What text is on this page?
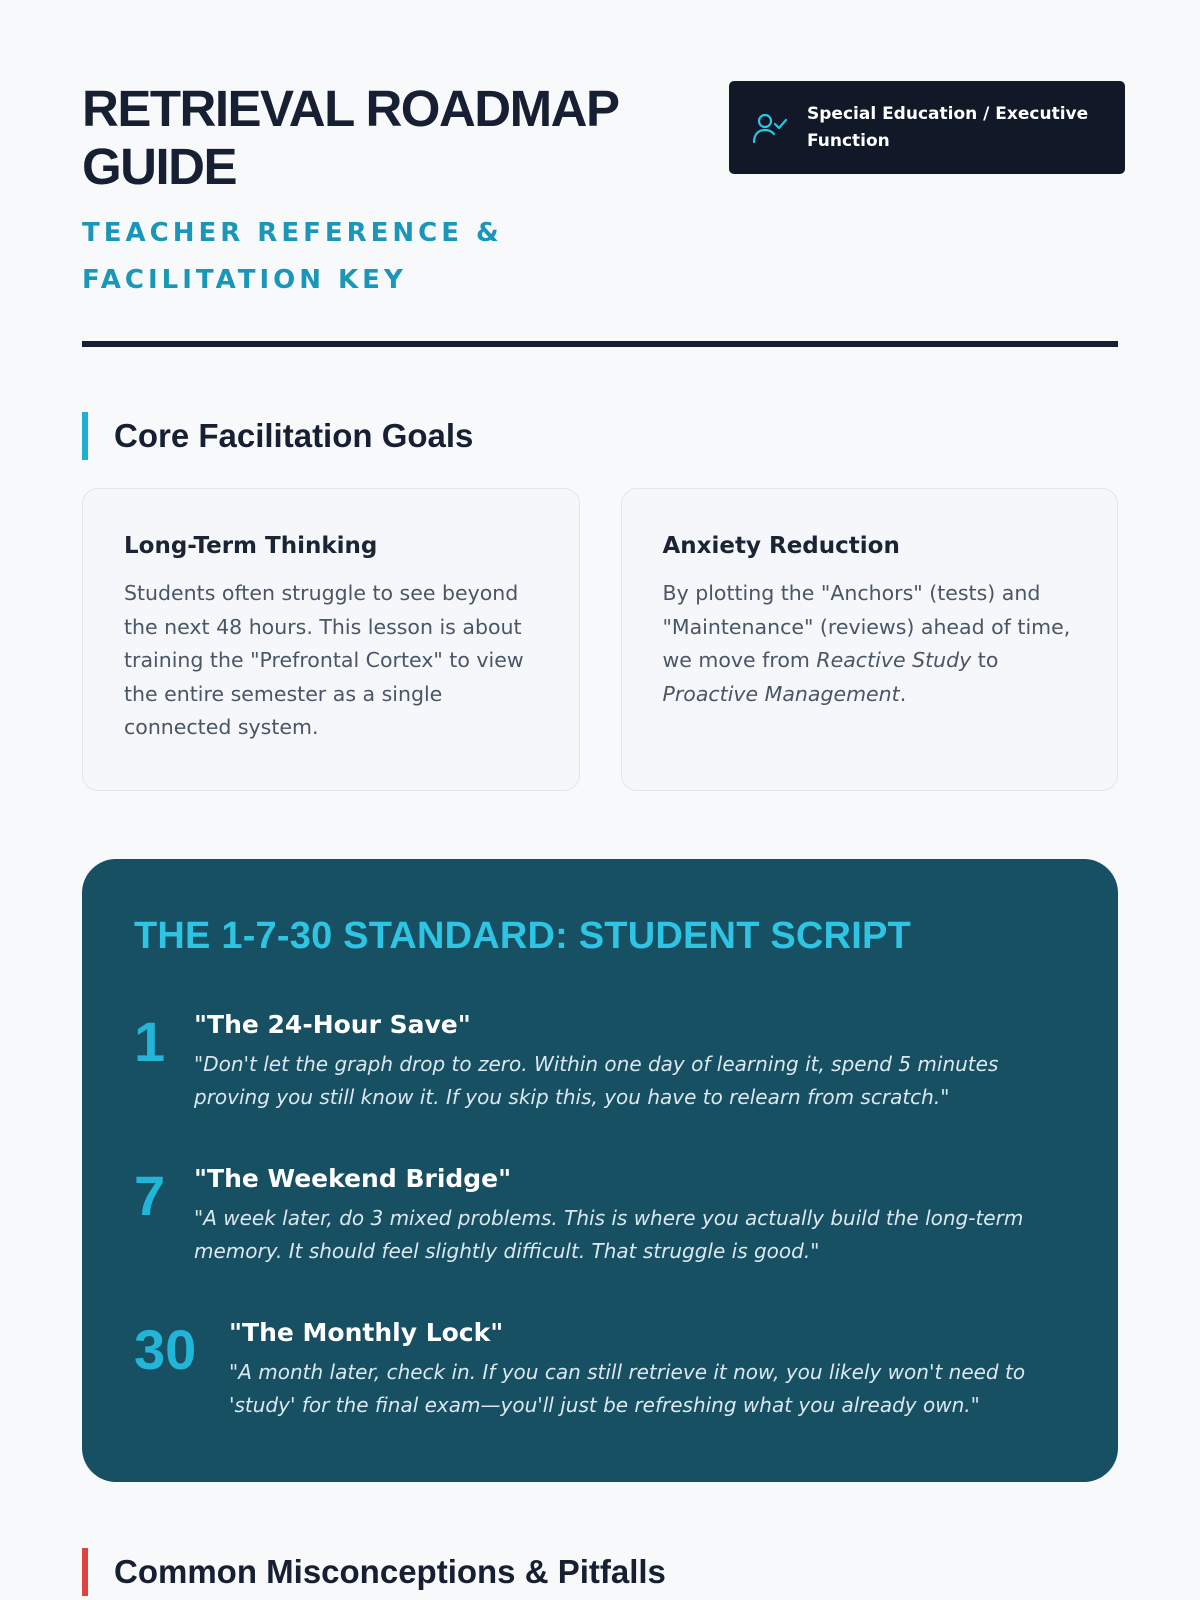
RETRIEVAL ROADMAP GUIDE
TEACHER REFERENCE & FACILITATION KEY
Special Education / Executive Function
Core Facilitation Goals
Long-Term Thinking

Students often struggle to see beyond the next 48 hours. This lesson is about training the "Prefrontal Cortex" to view the entire semester as a single connected system.

Anxiety Reduction

By plotting the "Anchors" (tests) and "Maintenance" (reviews) ahead of time, we move from Reactive Study to Proactive Management.

THE 1-7-30 STANDARD: STUDENT SCRIPT
1	"The 24-Hour Save"
"Don't let the graph drop to zero. Within one day of learning it, spend 5 minutes proving you still know it. If you skip this, you have to relearn from scratch."
7	"The Weekend Bridge"
"A week later, do 3 mixed problems. This is where you actually build the long-term memory. It should feel slightly difficult. That struggle is good."
30	"The Monthly Lock"
"A month later, check in. If you can still retrieve it now, you likely won't need to 'study' for the final exam—you'll just be refreshing what you already own."
Common Misconceptions & Pitfalls
